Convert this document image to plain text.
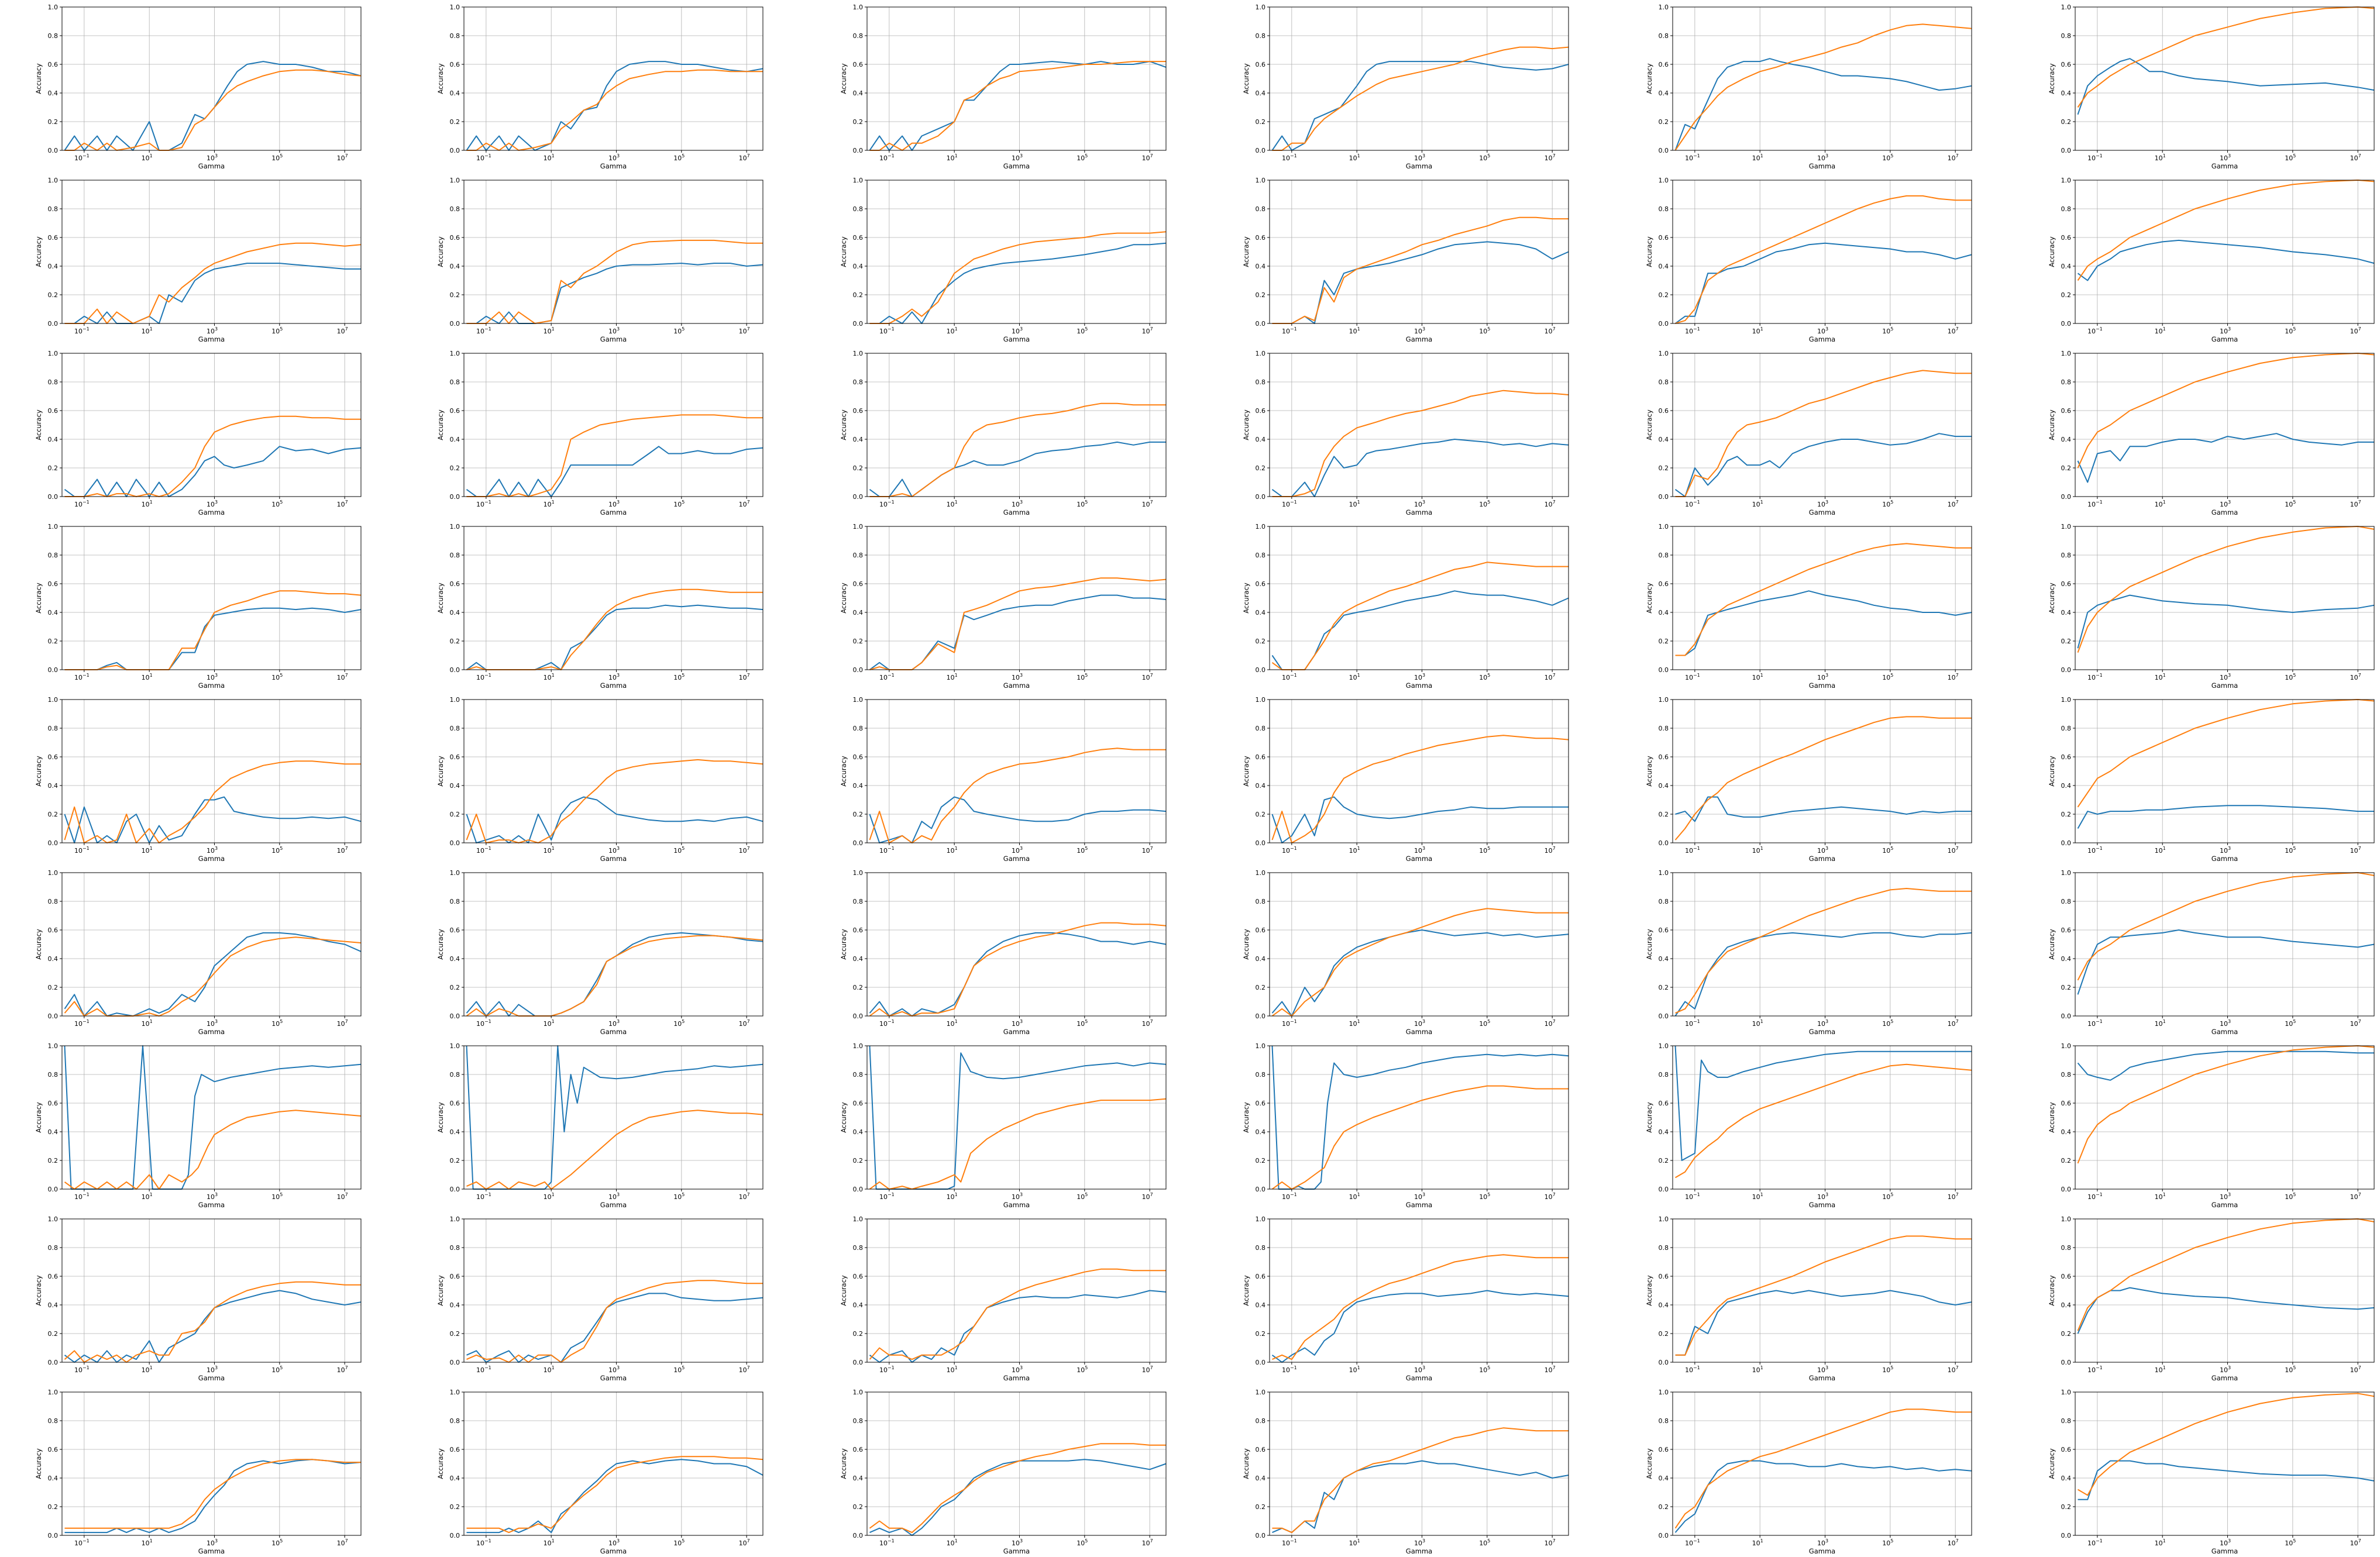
0.0
0.2
0.4
0.6
0.8
1.0
$10^{-1}$	$10^1$	$10^3$	$10^5$	$10^7$
Gamma
Accuracy
0.0
0.2
0.4
0.6
0.8
1.0
$10^{-1}$	$10^1$	$10^3$	$10^5$	$10^7$
Gamma
Accuracy
0.0
0.2
0.4
0.6
0.8
1.0
$10^{-1}$	$10^1$	$10^3$	$10^5$	$10^7$
Gamma
Accuracy
0.0
0.2
0.4
0.6
0.8
1.0
$10^{-1}$	$10^1$	$10^3$	$10^5$	$10^7$
Gamma
Accuracy
0.0
0.2
0.4
0.6
0.8
1.0
$10^{-1}$	$10^1$	$10^3$	$10^5$	$10^7$
Gamma
Accuracy
0.0
0.2
0.4
0.6
0.8
1.0
$10^{-1}$	$10^1$	$10^3$	$10^5$	$10^7$
Gamma
Accuracy
0.0
0.2
0.4
0.6
0.8
1.0
$10^{-1}$	$10^1$	$10^3$	$10^5$	$10^7$
Gamma
Accuracy
0.0
0.2
0.4
0.6
0.8
1.0
$10^{-1}$	$10^1$	$10^3$	$10^5$	$10^7$
Gamma
Accuracy
0.0
0.2
0.4
0.6
0.8
1.0
$10^{-1}$	$10^1$	$10^3$	$10^5$	$10^7$
Gamma
Accuracy
0.0
0.2
0.4
0.6
0.8
1.0
$10^{-1}$	$10^1$	$10^3$	$10^5$	$10^7$
Gamma
Accuracy
0.0
0.2
0.4
0.6
0.8
1.0
$10^{-1}$	$10^1$	$10^3$	$10^5$	$10^7$
Gamma
Accuracy
0.0
0.2
0.4
0.6
0.8
1.0
$10^{-1}$	$10^1$	$10^3$	$10^5$	$10^7$
Gamma
Accuracy
0.0
0.2
0.4
0.6
0.8
1.0
$10^{-1}$	$10^1$	$10^3$	$10^5$	$10^7$
Gamma
Accuracy
0.0
0.2
0.4
0.6
0.8
1.0
$10^{-1}$	$10^1$	$10^3$	$10^5$	$10^7$
Gamma
Accuracy
0.0
0.2
0.4
0.6
0.8
1.0
$10^{-1}$	$10^1$	$10^3$	$10^5$	$10^7$
Gamma
Accuracy
0.0
0.2
0.4
0.6
0.8
1.0
$10^{-1}$	$10^1$	$10^3$	$10^5$	$10^7$
Gamma
Accuracy
0.0
0.2
0.4
0.6
0.8
1.0
$10^{-1}$	$10^1$	$10^3$	$10^5$	$10^7$
Gamma
Accuracy
0.0
0.2
0.4
0.6
0.8
1.0
$10^{-1}$	$10^1$	$10^3$	$10^5$	$10^7$
Gamma
Accuracy
0.0
0.2
0.4
0.6
0.8
1.0
$10^{-1}$	$10^1$	$10^3$	$10^5$	$10^7$
Gamma
Accuracy
0.0
0.2
0.4
0.6
0.8
1.0
$10^{-1}$	$10^1$	$10^3$	$10^5$	$10^7$
Gamma
Accuracy
0.0
0.2
0.4
0.6
0.8
1.0
$10^{-1}$	$10^1$	$10^3$	$10^5$	$10^7$
Gamma
Accuracy
0.0
0.2
0.4
0.6
0.8
1.0
$10^{-1}$	$10^1$	$10^3$	$10^5$	$10^7$
Gamma
Accuracy
0.0
0.2
0.4
0.6
0.8
1.0
$10^{-1}$	$10^1$	$10^3$	$10^5$	$10^7$
Gamma
Accuracy
0.0
0.2
0.4
0.6
0.8
1.0
$10^{-1}$	$10^1$	$10^3$	$10^5$	$10^7$
Gamma
Accuracy
0.0
0.2
0.4
0.6
0.8
1.0
$10^{-1}$	$10^1$	$10^3$	$10^5$	$10^7$
Gamma
Accuracy
0.0
0.2
0.4
0.6
0.8
1.0
$10^{-1}$	$10^1$	$10^3$	$10^5$	$10^7$
Gamma
Accuracy
0.0
0.2
0.4
0.6
0.8
1.0
$10^{-1}$	$10^1$	$10^3$	$10^5$	$10^7$
Gamma
Accuracy
0.0
0.2
0.4
0.6
0.8
1.0
$10^{-1}$	$10^1$	$10^3$	$10^5$	$10^7$
Gamma
Accuracy
0.0
0.2
0.4
0.6
0.8
1.0
$10^{-1}$	$10^1$	$10^3$	$10^5$	$10^7$
Gamma
Accuracy
0.0
0.2
0.4
0.6
0.8
1.0
$10^{-1}$	$10^1$	$10^3$	$10^5$	$10^7$
Gamma
Accuracy
0.0
0.2
0.4
0.6
0.8
1.0
$10^{-1}$	$10^1$	$10^3$	$10^5$	$10^7$
Gamma
Accuracy
0.0
0.2
0.4
0.6
0.8
1.0
$10^{-1}$	$10^1$	$10^3$	$10^5$	$10^7$
Gamma
Accuracy
0.0
0.2
0.4
0.6
0.8
1.0
$10^{-1}$	$10^1$	$10^3$	$10^5$	$10^7$
Gamma
Accuracy
0.0
0.2
0.4
0.6
0.8
1.0
$10^{-1}$	$10^1$	$10^3$	$10^5$	$10^7$
Gamma
Accuracy
0.0
0.2
0.4
0.6
0.8
1.0
$10^{-1}$	$10^1$	$10^3$	$10^5$	$10^7$
Gamma
Accuracy
0.0
0.2
0.4
0.6
0.8
1.0
$10^{-1}$	$10^1$	$10^3$	$10^5$	$10^7$
Gamma
Accuracy
0.0
0.2
0.4
0.6
0.8
1.0
$10^{-1}$	$10^1$	$10^3$	$10^5$	$10^7$
Gamma
Accuracy
0.0
0.2
0.4
0.6
0.8
1.0
$10^{-1}$	$10^1$	$10^3$	$10^5$	$10^7$
Gamma
Accuracy
0.0
0.2
0.4
0.6
0.8
1.0
$10^{-1}$	$10^1$	$10^3$	$10^5$	$10^7$
Gamma
Accuracy
0.0
0.2
0.4
0.6
0.8
1.0
$10^{-1}$	$10^1$	$10^3$	$10^5$	$10^7$
Gamma
Accuracy
0.0
0.2
0.4
0.6
0.8
1.0
$10^{-1}$	$10^1$	$10^3$	$10^5$	$10^7$
Gamma
Accuracy
0.0
0.2
0.4
0.6
0.8
1.0
$10^{-1}$	$10^1$	$10^3$	$10^5$	$10^7$
Gamma
Accuracy
0.0
0.2
0.4
0.6
0.8
1.0
$10^{-1}$	$10^1$	$10^3$	$10^5$	$10^7$
Gamma
Accuracy
0.0
0.2
0.4
0.6
0.8
1.0
$10^{-1}$	$10^1$	$10^3$	$10^5$	$10^7$
Gamma
Accuracy
0.0
0.2
0.4
0.6
0.8
1.0
$10^{-1}$	$10^1$	$10^3$	$10^5$	$10^7$
Gamma
Accuracy
0.0
0.2
0.4
0.6
0.8
1.0
$10^{-1}$	$10^1$	$10^3$	$10^5$	$10^7$
Gamma
Accuracy
0.0
0.2
0.4
0.6
0.8
1.0
$10^{-1}$	$10^1$	$10^3$	$10^5$	$10^7$
Gamma
Accuracy
0.0
0.2
0.4
0.6
0.8
1.0
$10^{-1}$	$10^1$	$10^3$	$10^5$	$10^7$
Gamma
Accuracy
0.0
0.2
0.4
0.6
0.8
1.0
$10^{-1}$	$10^1$	$10^3$	$10^5$	$10^7$
Gamma
Accuracy
0.0
0.2
0.4
0.6
0.8
1.0
$10^{-1}$	$10^1$	$10^3$	$10^5$	$10^7$
Gamma
Accuracy
0.0
0.2
0.4
0.6
0.8
1.0
$10^{-1}$	$10^1$	$10^3$	$10^5$	$10^7$
Gamma
Accuracy
0.0
0.2
0.4
0.6
0.8
1.0
$10^{-1}$	$10^1$	$10^3$	$10^5$	$10^7$
Gamma
Accuracy
0.0
0.2
0.4
0.6
0.8
1.0
$10^{-1}$	$10^1$	$10^3$	$10^5$	$10^7$
Gamma
Accuracy
0.0
0.2
0.4
0.6
0.8
1.0
$10^{-1}$	$10^1$	$10^3$	$10^5$	$10^7$
Gamma
Accuracy
